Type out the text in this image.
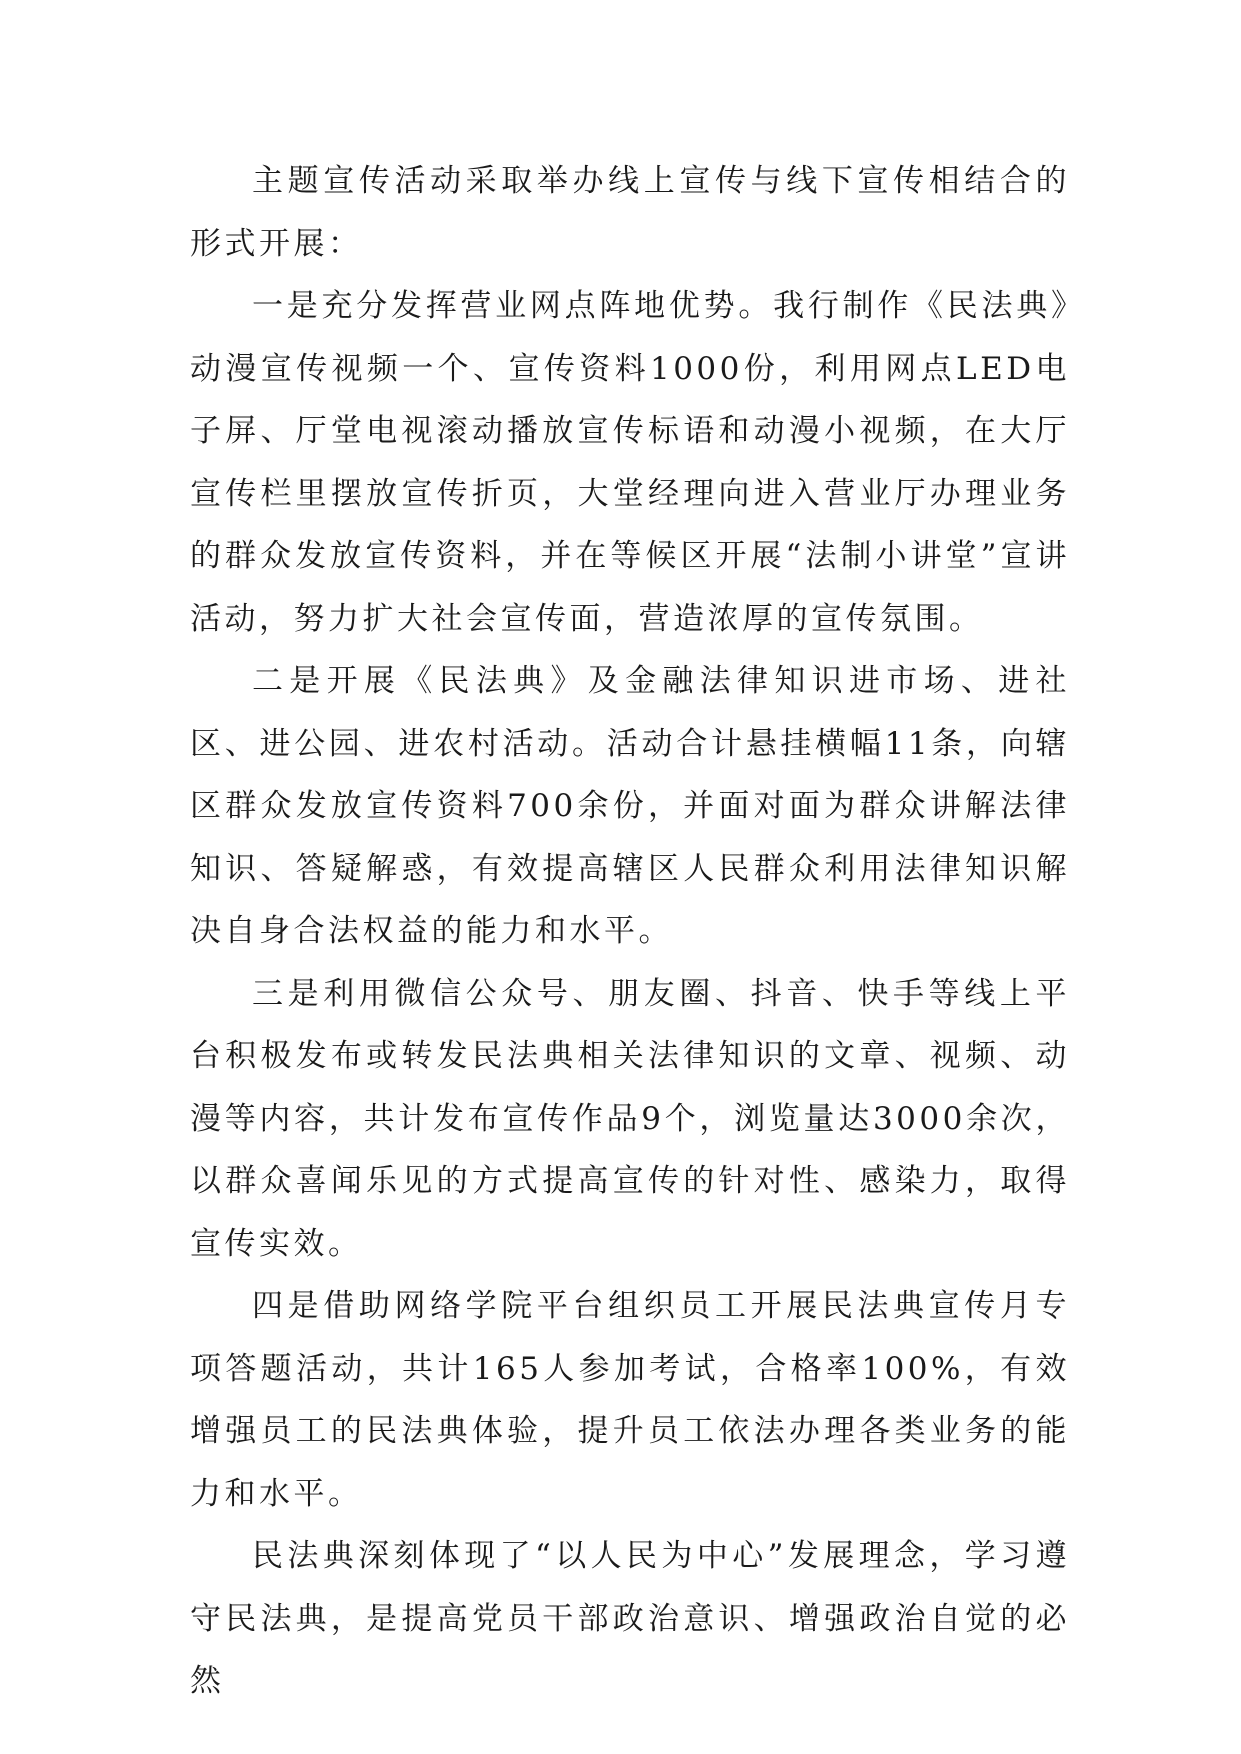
主题宣传活动采取举办线上宣传与线下宣传相结合的形式开展：

一是充分发挥营业网点阵地优势。我行制作《民法典》动漫宣传视频一个、宣传资料1000份，利用网点LED电子屏、厅堂电视滚动播放宣传标语和动漫小视频，在大厅宣传栏里摆放宣传折页，大堂经理向进入营业厅办理业务的群众发放宣传资料，并在等候区开展“法制小讲堂”宣讲活动，努力扩大社会宣传面，营造浓厚的宣传氛围。

二是开展《民法典》及金融法律知识进市场、进社区、进公园、进农村活动。活动合计悬挂横幅11条，向辖区群众发放宣传资料700余份，并面对面为群众讲解法律知识、答疑解惑，有效提高辖区人民群众利用法律知识解决自身合法权益的能力和水平。

三是利用微信公众号、朋友圈、抖音、快手等线上平台积极发布或转发民法典相关法律知识的文章、视频、动漫等内容，共计发布宣传作品9个，浏览量达3000余次，以群众喜闻乐见的方式提高宣传的针对性、感染力，取得宣传实效。

四是借助网络学院平台组织员工开展民法典宣传月专项答题活动，共计165人参加考试，合格率100%，有效增强员工的民法典体验，提升员工依法办理各类业务的能力和水平。

民法典深刻体现了“以人民为中心”发展理念，学习遵守民法典，是提高党员干部政治意识、增强政治自觉的必然
